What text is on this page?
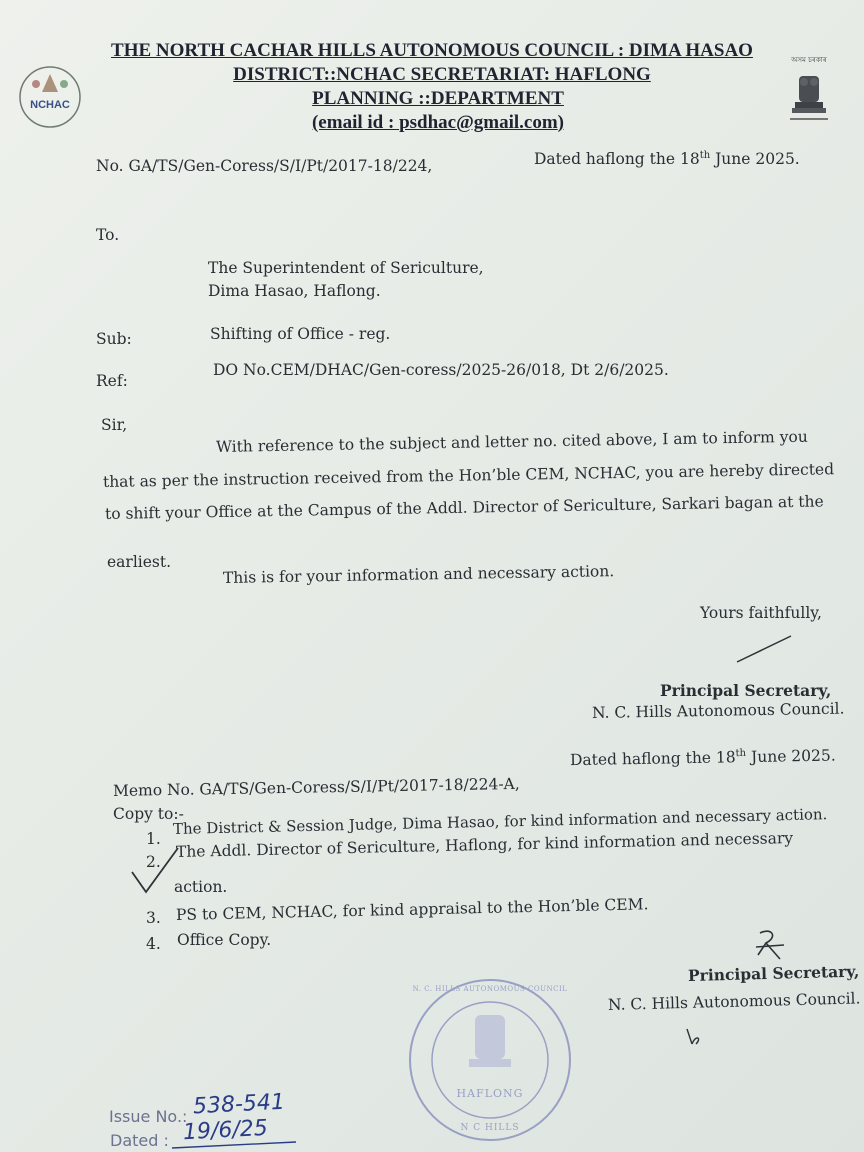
NCHAC
অসম চৰকাৰ
THE NORTH CACHAR HILLS AUTONOMOUS COUNCIL : DIMA HASAO
DISTRICT::NCHAC SECRETARIAT: HAFLONG
PLANNING ::DEPARTMENT
(email id : psdhac@gmail.com)
No. GA/TS/Gen-Coress/S/I/Pt/2017-18/224,	Dated haflong the 18th June 2025.
To.
The Superintendent of Sericulture,
Dima Hasao, Haflong.
Sub:	Shifting of Office - reg.
Ref:
DO No.CEM/DHAC/Gen-coress/2025-26/018, Dt 2/6/2025.
Sir,
With reference to the subject and letter no. cited above, I am to inform you
that as per the instruction received from the Hon’ble CEM, NCHAC, you are hereby directed
to shift your Office at the Campus of the Addl. Director of Sericulture, Sarkari bagan at the
earliest.
This is for your information and necessary action.
Yours faithfully,
Principal Secretary,
N. C. Hills Autonomous Council.
Memo No. GA/TS/Gen-Coress/S/I/Pt/2017-18/224-A,
Dated haflong the 18th June 2025.
Copy to:-
1.
The District & Session Judge, Dima Hasao, for kind information and necessary action.
2.
The Addl. Director of Sericulture, Haflong, for kind information and necessary
action.
3. PS to CEM, NCHAC, for kind appraisal to the Hon’ble CEM.
4. Office Copy.
Principal Secretary,
N. C. Hills Autonomous Council.
HAFLONG
N C HILLS
N. C. HILLS AUTONOMOUS COUNCIL
Issue No.: 538-541
Dated : 19/6/25
